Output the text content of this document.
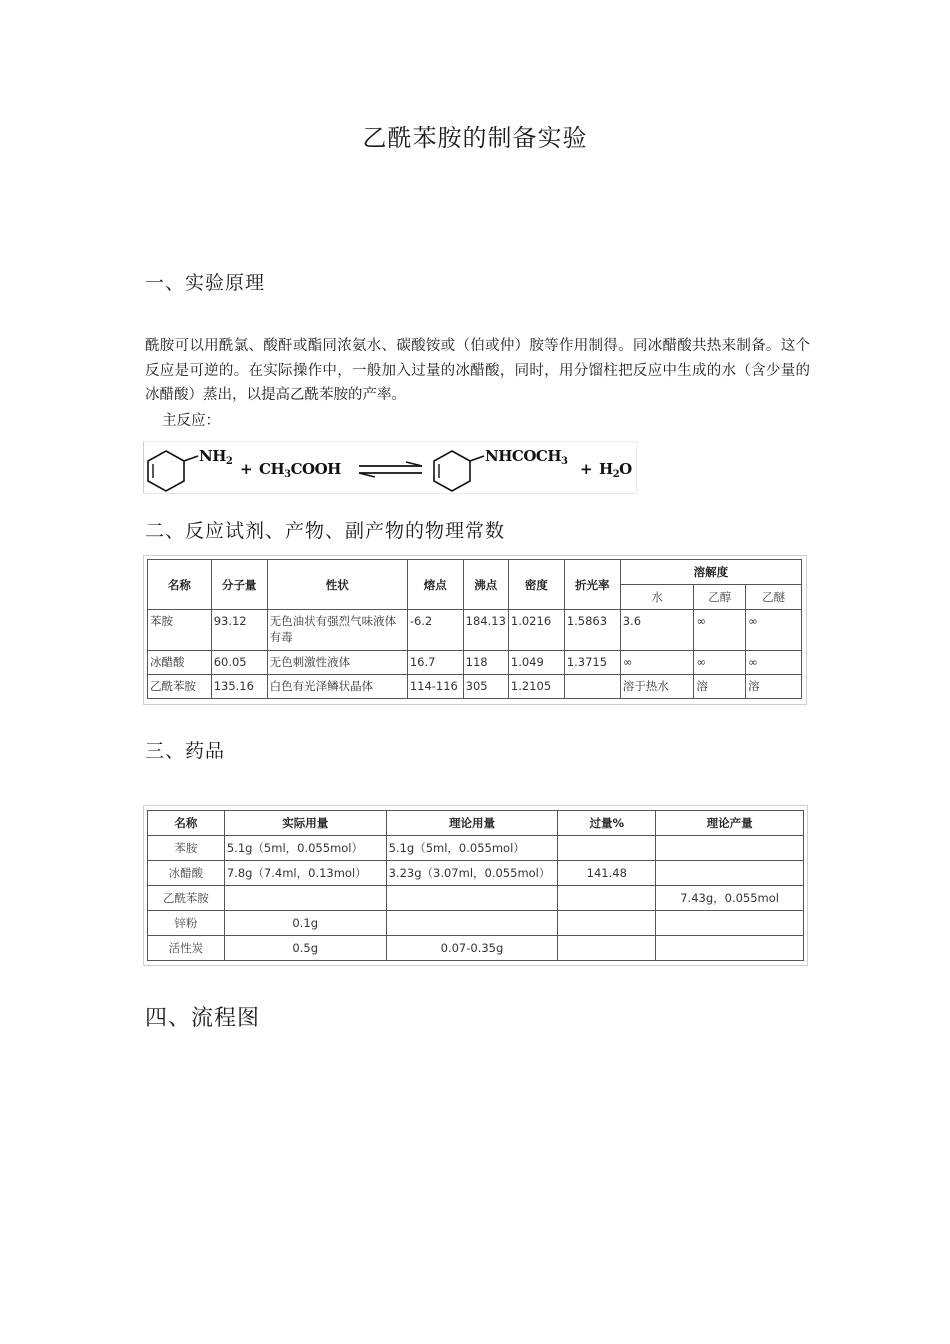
乙酰苯胺的制备实验
一、实验原理
酰胺可以用酰氯、酸酐或酯同浓氨水、碳酸铵或（伯或仲）胺等作用制得。同冰醋酸共热来制备。这个反应是可逆的。在实际操作中，一般加入过量的冰醋酸，同时，用分馏柱把反应中生成的水（含少量的冰醋酸）蒸出，以提高乙酰苯胺的产率。
主反应：
$NH_2$ + $CH_3COOH$
$NHCOCH_3 + H_2O$
二、反应试剂、产物、副产物的物理常数
名称	分子量	性状	熔点	沸点	密度	折光率	溶解度		
							水	乙醇	乙醚
苯胺	93.12	无色油状有强烈气味液体有毒	-6.2	184.13	1.0216	1.5863	3.6	∞	∞
冰醋酸	60.05	无色刺激性液体	16.7	118	1.049	1.3715	∞	∞	∞
乙酰苯胺	135.16	白色有光泽鳞状晶体	114-116	305	1.2105		溶于热水	溶	溶
三、药品
名称	实际用量	理论用量	过量%	理论产量
苯胺	5.1g（5ml，0.055mol）	5.1g（5ml，0.055mol）		
冰醋酸	7.8g（7.4ml，0.13mol）	3.23g（3.07ml，0.055mol）	141.48	
乙酰苯胺				7.43g，0.055mol
锌粉	0.1g			
活性炭	0.5g	0.07-0.35g		
四、流程图
